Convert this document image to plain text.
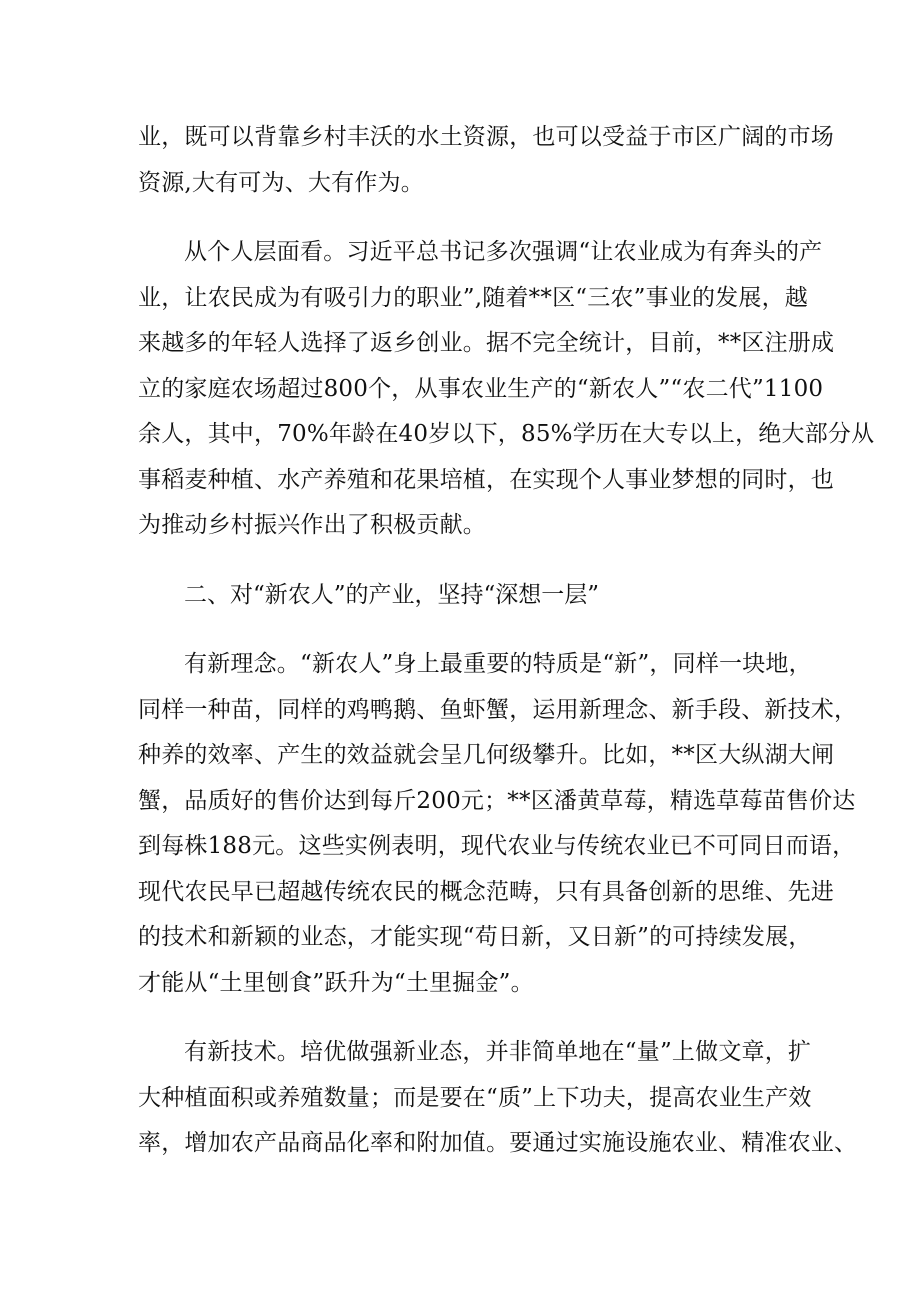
业，既可以背靠乡村丰沃的水土资源，也可以受益于市区广阔的市场
资源,大有可为、大有作为。
从个人层面看。习近平总书记多次强调“让农业成为有奔头的产
业，让农民成为有吸引力的职业”,随着**区“三农”事业的发展，越
来越多的年轻人选择了返乡创业。据不完全统计，目前，**区注册成
立的家庭农场超过800个，从事农业生产的“新农人”“农二代”1100
余人，其中，70%年龄在40岁以下，85%学历在大专以上，绝大部分从
事稻麦种植、水产养殖和花果培植，在实现个人事业梦想的同时，也
为推动乡村振兴作出了积极贡献。
二、对“新农人”的产业，坚持“深想一层”
有新理念。“新农人”身上最重要的特质是“新”，同样一块地，
同样一种苗，同样的鸡鸭鹅、鱼虾蟹，运用新理念、新手段、新技术，
种养的效率、产生的效益就会呈几何级攀升。比如，**区大纵湖大闸
蟹，品质好的售价达到每斤200元；**区潘黄草莓，精选草莓苗售价达
到每株188元。这些实例表明，现代农业与传统农业已不可同日而语，
现代农民早已超越传统农民的概念范畴，只有具备创新的思维、先进
的技术和新颖的业态，才能实现“苟日新，又日新”的可持续发展，
才能从“土里刨食”跃升为“土里掘金”。
有新技术。培优做强新业态，并非简单地在“量”上做文章，扩
大种植面积或养殖数量；而是要在“质”上下功夫，提高农业生产效
率，增加农产品商品化率和附加值。要通过实施设施农业、精准农业、
